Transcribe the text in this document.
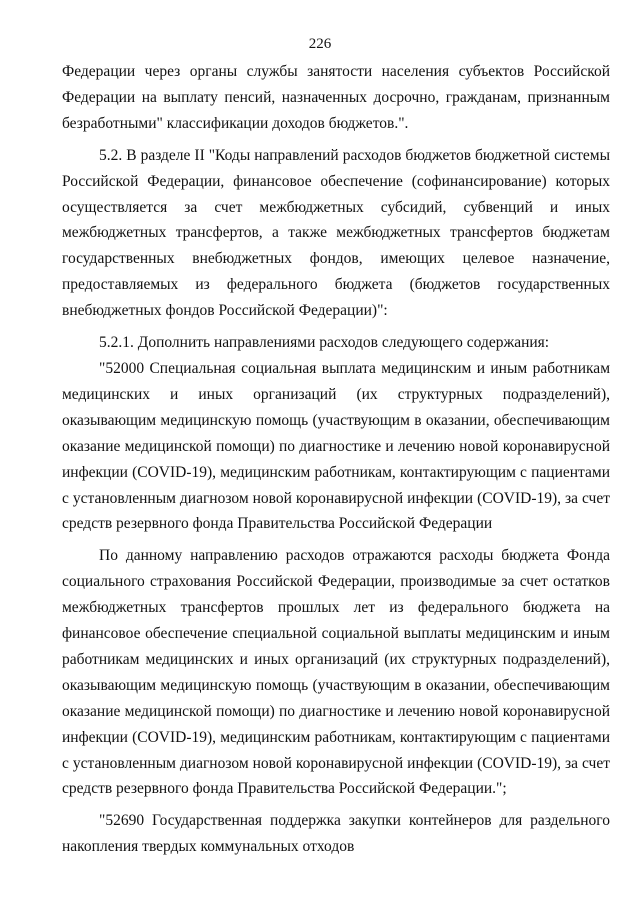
226

Федерации через органы службы занятости населения субъектов Российской Федерации на выплату пенсий, назначенных досрочно, гражданам, признанным безработными" классификации доходов бюджетов.".

5.2. В разделе II "Коды направлений расходов бюджетов бюджетной системы Российской Федерации, финансовое обеспечение (софинансирование) которых осуществляется за счет межбюджетных субсидий, субвенций и иных межбюджетных трансфертов, а также межбюджетных трансфертов бюджетам государственных внебюджетных фондов, имеющих целевое назначение, предоставляемых из федерального бюджета (бюджетов государственных внебюджетных фондов Российской Федерации)":

5.2.1. Дополнить направлениями расходов следующего содержания:

"52000 Специальная социальная выплата медицинским и иным работникам медицинских и иных организаций (их структурных подразделений), оказывающим медицинскую помощь (участвующим в оказании, обеспечивающим оказание медицинской помощи) по диагностике и лечению новой коронавирусной инфекции (COVID-19), медицинским работникам, контактирующим с пациентами с установленным диагнозом новой коронавирусной инфекции (COVID-19), за счет средств резервного фонда Правительства Российской Федерации

По данному направлению расходов отражаются расходы бюджета Фонда социального страхования Российской Федерации, производимые за счет остатков межбюджетных трансфертов прошлых лет из федерального бюджета на финансовое обеспечение специальной социальной выплаты медицинским и иным работникам медицинских и иных организаций (их структурных подразделений), оказывающим медицинскую помощь (участвующим в оказании, обеспечивающим оказание медицинской помощи) по диагностике и лечению новой коронавирусной инфекции (COVID-19), медицинским работникам, контактирующим с пациентами с установленным диагнозом новой коронавирусной инфекции (COVID-19), за счет средств резервного фонда Правительства Российской Федерации.";

"52690 Государственная поддержка закупки контейнеров для раздельного накопления твердых коммунальных отходов
